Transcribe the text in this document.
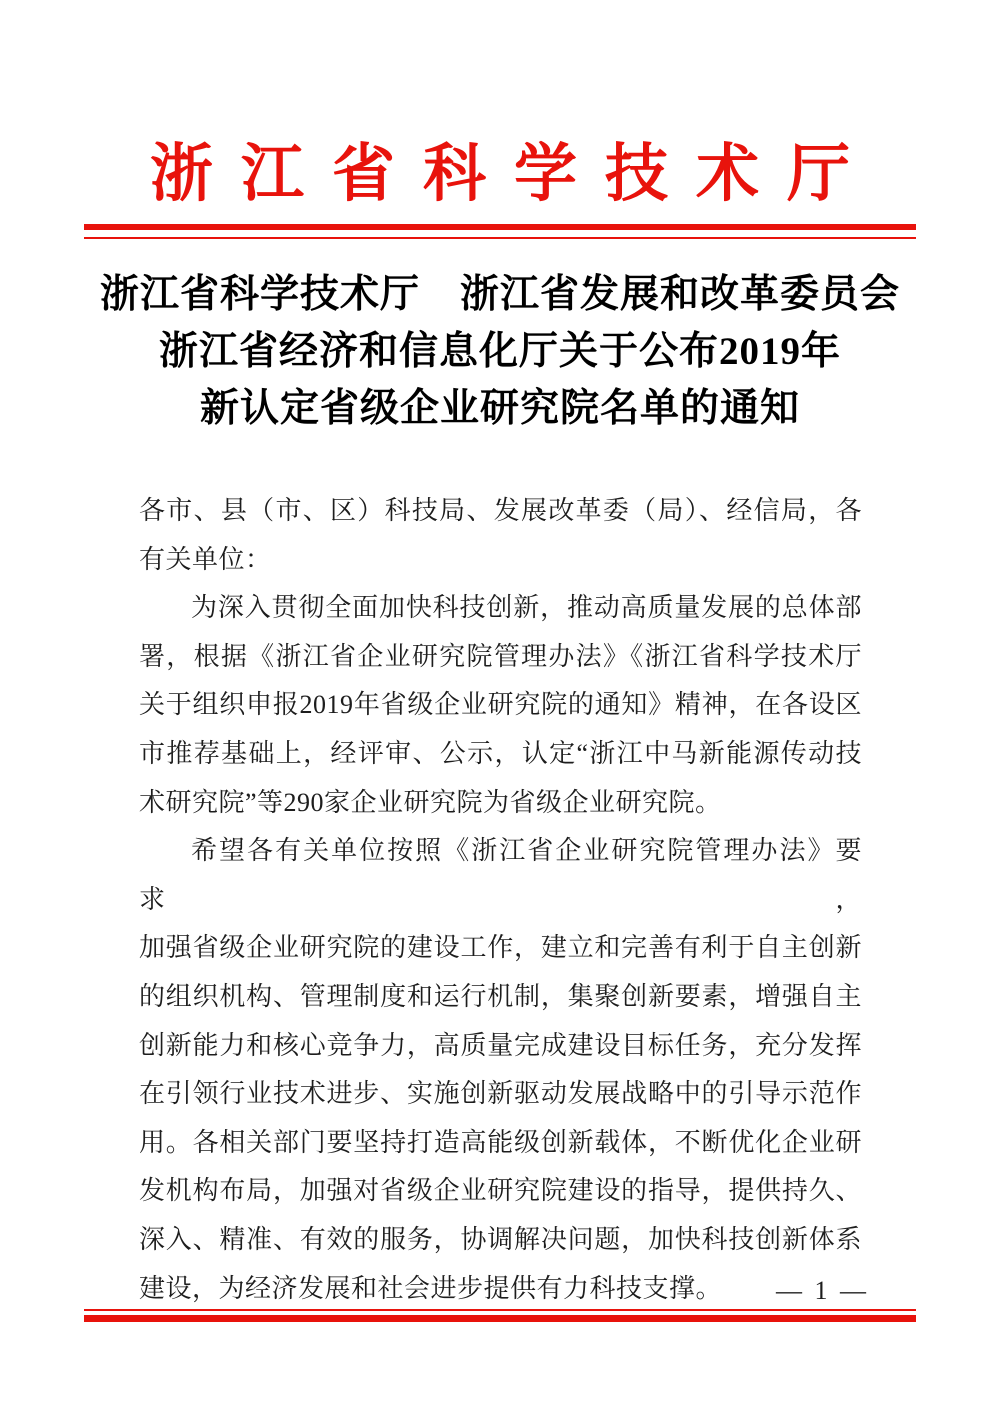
浙江省科学技术厅
浙江省科学技术厅　浙江省发展和改革委员会
浙江省经济和信息化厅关于公布2019年
新认定省级企业研究院名单的通知
各市、县（市、区）科技局、发展改革委（局）、经信局，各
有关单位：
为深入贯彻全面加快科技创新，推动高质量发展的总体部
署，根据《浙江省企业研究院管理办法》《浙江省科学技术厅
关于组织申报2019年省级企业研究院的通知》精神，在各设区
市推荐基础上，经评审、公示，认定“浙江中马新能源传动技
术研究院”等290家企业研究院为省级企业研究院。
希望各有关单位按照《浙江省企业研究院管理办法》要求，
加强省级企业研究院的建设工作，建立和完善有利于自主创新
的组织机构、管理制度和运行机制，集聚创新要素，增强自主
创新能力和核心竞争力，高质量完成建设目标任务，充分发挥
在引领行业技术进步、实施创新驱动发展战略中的引导示范作
用。各相关部门要坚持打造高能级创新载体，不断优化企业研
发机构布局，加强对省级企业研究院建设的指导，提供持久、
深入、精准、有效的服务，协调解决问题，加快科技创新体系
建设，为经济发展和社会进步提供有力科技支撑。	— 1 —
